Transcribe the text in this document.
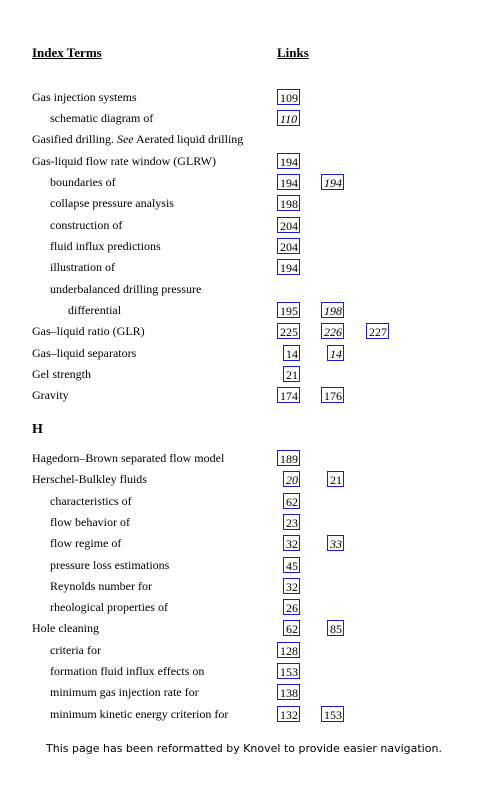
Index Terms	Links
Gas injection systems	109
schematic diagram of	110
Gasified drilling. See Aerated liquid drilling
Gas-liquid flow rate window (GLRW)	194
boundaries of	194 194
collapse pressure analysis	198
construction of	204
fluid influx predictions	204
illustration of	194
underbalanced drilling pressure
differential	195 198
Gas–liquid ratio (GLR)	225 226 227
Gas–liquid separators	14	14
Gel strength	21
Gravity	174 176
Hagedorn–Brown separated flow model	189
Herschel-Bulkley fluids	20	21
characteristics of	62
flow behavior of	23
flow regime of	32	33
pressure loss estimations	45
Reynolds number for	32
rheological properties of	26
Hole cleaning	62	85
criteria for	128
formation fluid influx effects on	153
minimum gas injection rate for	138
minimum kinetic energy criterion for	132 153
H
This page has been reformatted by Knovel to provide easier navigation.
